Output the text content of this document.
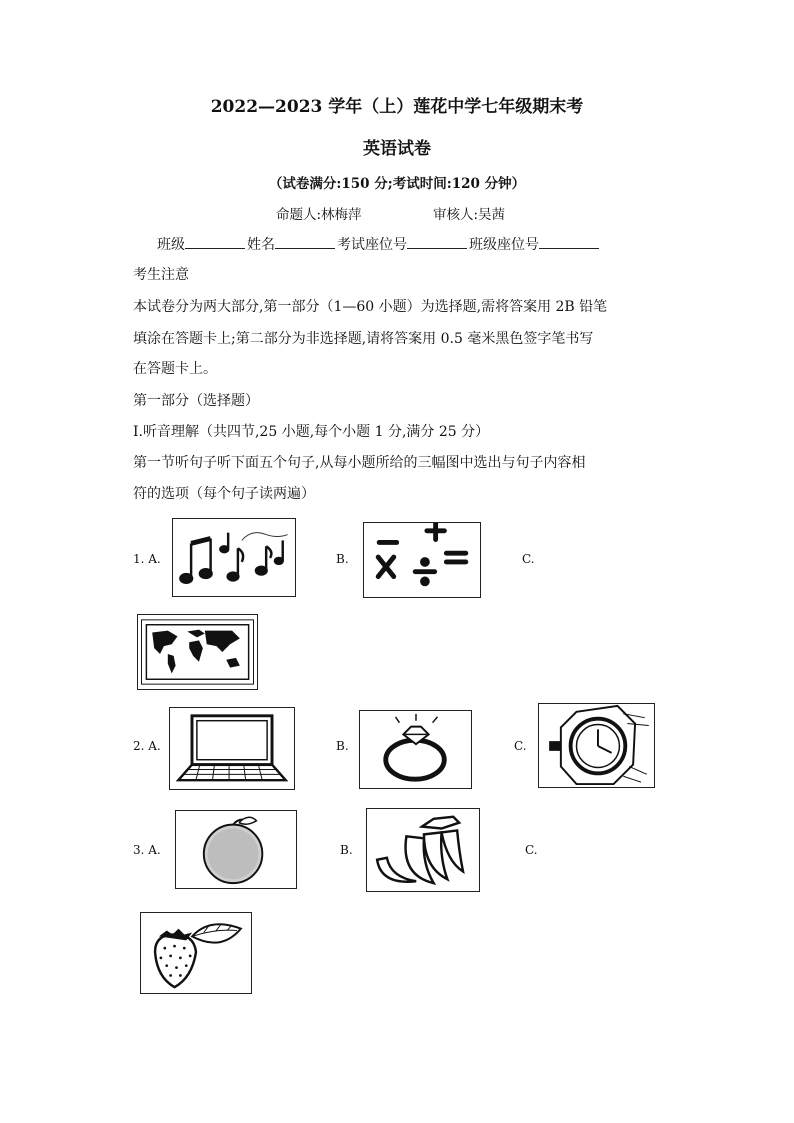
2022—2023 学年（上）莲花中学七年级期末考
英语试卷
（试卷满分:150 分;考试时间:120 分钟）
命题人:林梅萍	审核人:吴茜
班级	姓名	考试座位号	班级座位号
考生注意
本试卷分为两大部分,第一部分（1—60 小题）为选择题,需将答案用 2B 铅笔
填涂在答题卡上;第二部分为非选择题,请将答案用 0.5 毫米黑色签字笔书写
在答题卡上。
第一部分（选择题）
I.听音理解（共四节,25 小题,每个小题 1 分,满分 25 分）
第一节听句子听下面五个句子,从每小题所给的三幅图中选出与句子内容相
符的选项（每个句子读两遍）
1. A.	B.	C.
2. A.	B.	C.
3. A.	B.	C.
